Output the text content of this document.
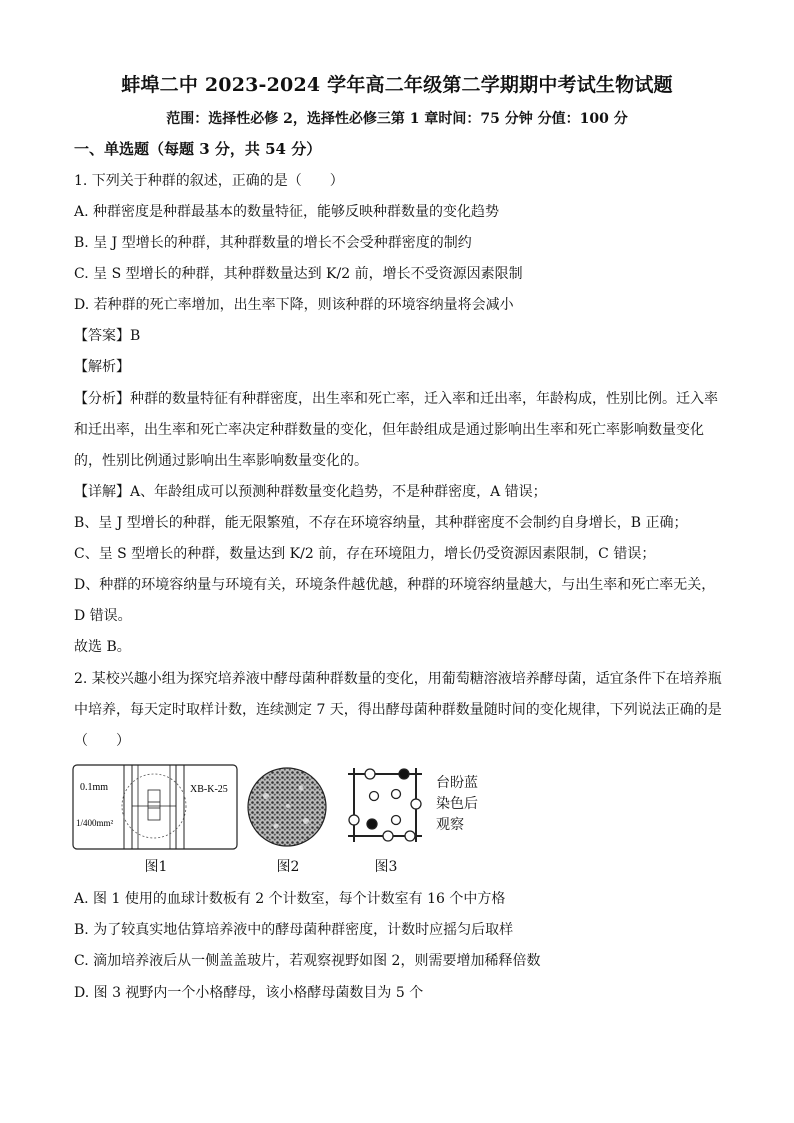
蚌埠二中 2023-2024 学年高二年级第二学期期中考试生物试题
范围：选择性必修 2，选择性必修三第 1 章时间：75 分钟 分值：100 分
一、单选题（每题 3 分，共 54 分）
1. 下列关于种群的叙述，正确的是（　　）
A. 种群密度是种群最基本的数量特征，能够反映种群数量的变化趋势
B. 呈 J 型增长的种群，其种群数量的增长不会受种群密度的制约
C. 呈 S 型增长的种群，其种群数量达到 K/2 前，增长不受资源因素限制
D. 若种群的死亡率增加，出生率下降，则该种群的环境容纳量将会减小
【答案】B
【解析】
【分析】种群的数量特征有种群密度，出生率和死亡率，迁入率和迁出率，年龄构成，性别比例。迁入率
和迁出率，出生率和死亡率决定种群数量的变化，但年龄组成是通过影响出生率和死亡率影响数量变化
的，性别比例通过影响出生率影响数量变化的。
【详解】A、年龄组成可以预测种群数量变化趋势，不是种群密度，A 错误；
B、呈 J 型增长的种群，能无限繁殖，不存在环境容纳量，其种群密度不会制约自身增长，B 正确；
C、呈 S 型增长的种群，数量达到 K/2 前，存在环境阻力，增长仍受资源因素限制，C 错误；
D、种群的环境容纳量与环境有关，环境条件越优越，种群的环境容纳量越大，与出生率和死亡率无关，
D 错误。
故选 B。
2. 某校兴趣小组为探究培养液中酵母菌种群数量的变化，用葡萄糖溶液培养酵母菌，适宜条件下在培养瓶
中培养，每天定时取样计数，连续测定 7 天，得出酵母菌种群数量随时间的变化规律，下列说法正确的是
（　　）
0.1mm
1/400mm²
XB-K-25
图1	图2	图3
台盼蓝
染色后
观察
A. 图 1 使用的血球计数板有 2 个计数室，每个计数室有 16 个中方格
B. 为了较真实地估算培养液中的酵母菌种群密度，计数时应摇匀后取样
C. 滴加培养液后从一侧盖盖玻片，若观察视野如图 2，则需要增加稀释倍数
D. 图 3 视野内一个小格酵母，该小格酵母菌数目为 5 个
